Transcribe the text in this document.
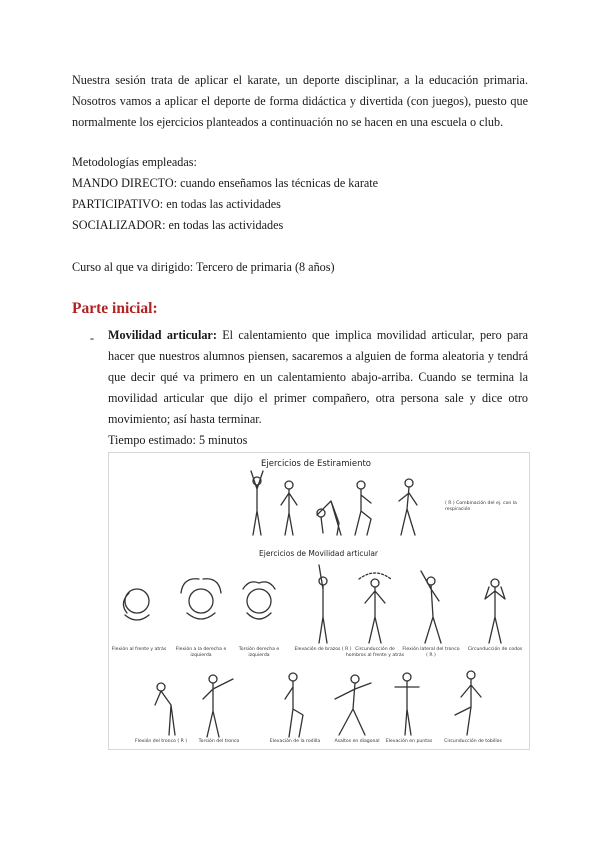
Nuestra sesión trata de aplicar el karate, un deporte disciplinar, a la educación primaria.

Nosotros vamos a aplicar el deporte de forma didáctica y divertida (con juegos), puesto que

normalmente los ejercicios planteados a continuación no se hacen en una escuela o club.

Metodologías empleadas:

MANDO DIRECTO: cuando enseñamos las técnicas de karate

PARTICIPATIVO: en todas las actividades

SOCIALIZADOR: en todas las actividades

Curso al que va dirigido: Tercero de primaria (8 años)

Parte inicial:
- Movilidad articular: El calentamiento que implica movilidad articular, pero para hacer que nuestros alumnos piensen, sacaremos a alguien de forma aleatoria y tendrá que decir qué va primero en un calentamiento abajo-arriba. Cuando se termina la movilidad articular que dijo el primer compañero, otra persona sale y dice otro movimiento; así hasta terminar.
Tiempo estimado: 5 minutos
Ejercicios de Estiramiento
( R ) Combinación del ej. con la respiración
Ejercicios de Movilidad articular
Flexión al frente y atrás	Flexión a la derecha e izquierda
Torsión derecha e izquierda
Elevación de brazos ( R ) Circunducción de hombros al frente y atrás
Flexión lateral del tronco ( R )
Circunducción de codos
Flexión del tronco ( R )	Torsión del tronco	Elevación de la rodilla	Asaltos en diagonal	Elevación en puntas	Circunducción de tobillos
